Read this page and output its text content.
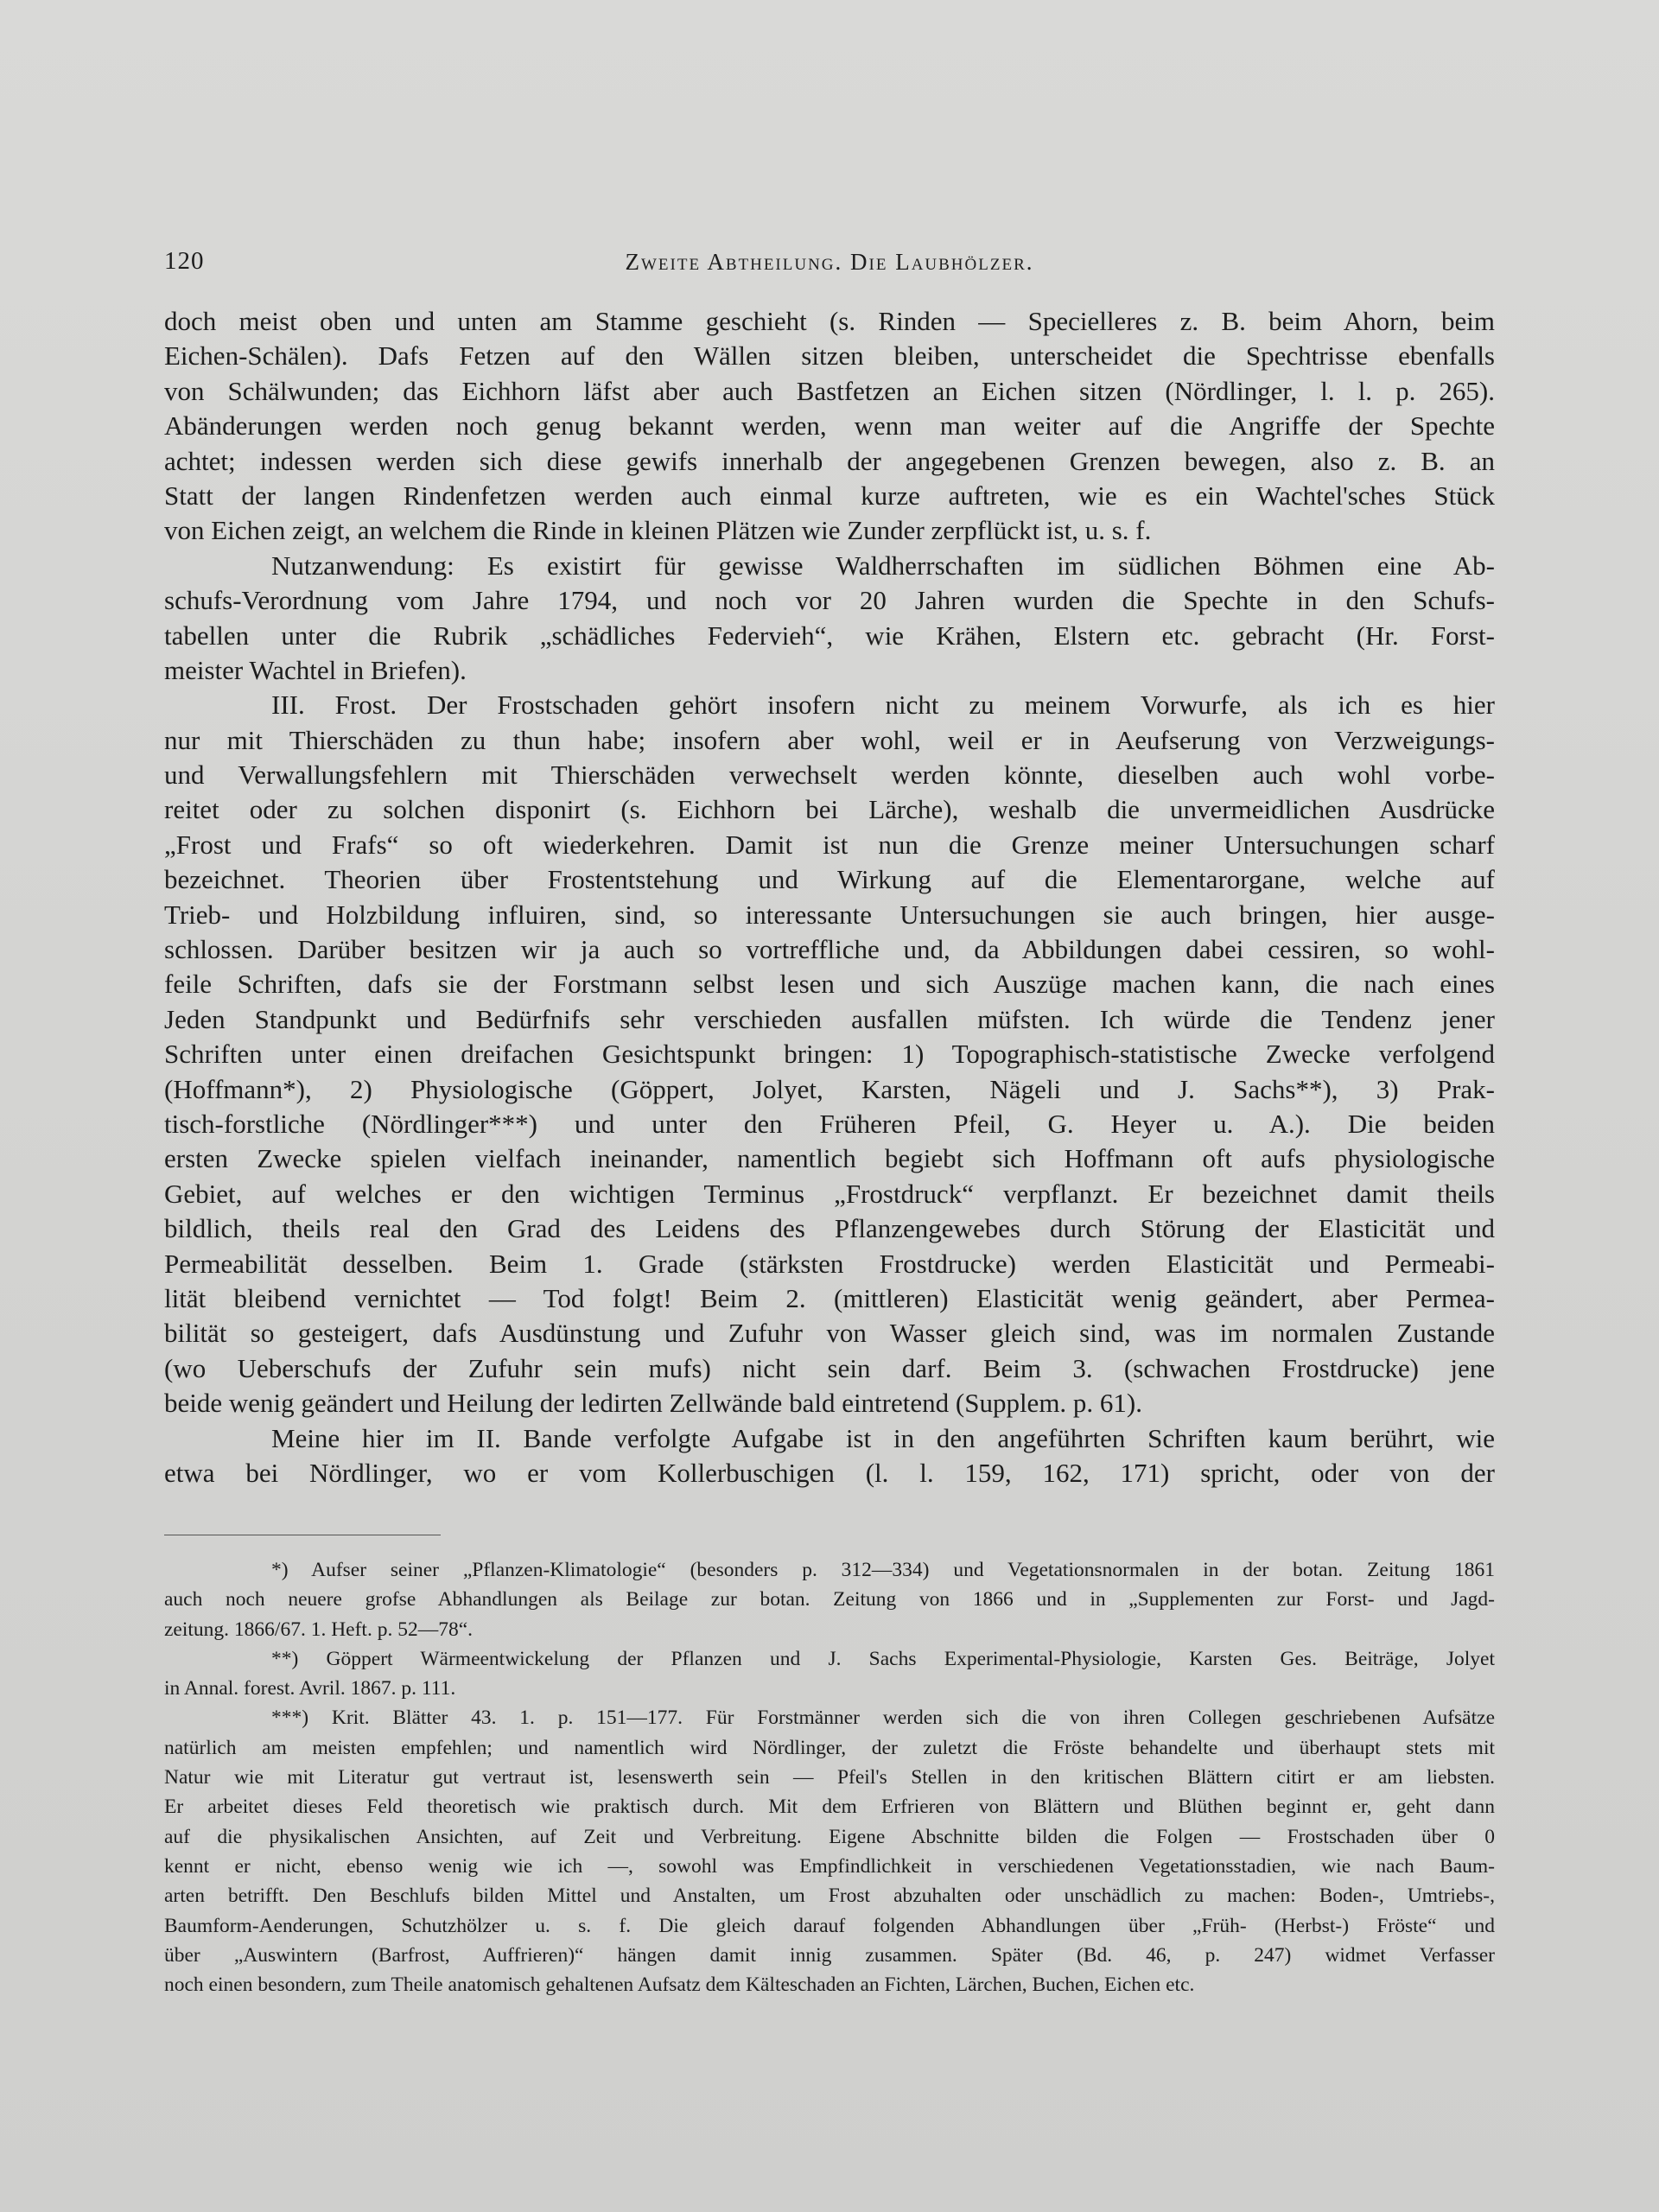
120	Zweite Abtheilung. Die Laubhölzer.
doch meist oben und unten am Stamme geschieht (s. Rinden — Specielleres z. B. beim Ahorn, beim
Eichen-Schälen). Dafs Fetzen auf den Wällen sitzen bleiben, unterscheidet die Spechtrisse ebenfalls
von Schälwunden; das Eichhorn läfst aber auch Bastfetzen an Eichen sitzen (Nördlinger, l. l. p. 265).
Abänderungen werden noch genug bekannt werden, wenn man weiter auf die Angriffe der Spechte
achtet; indessen werden sich diese gewifs innerhalb der angegebenen Grenzen bewegen, also z. B. an
Statt der langen Rindenfetzen werden auch einmal kurze auftreten, wie es ein Wachtel'sches Stück
von Eichen zeigt, an welchem die Rinde in kleinen Plätzen wie Zunder zerpflückt ist, u. s. f.
Nutzanwendung: Es existirt für gewisse Waldherrschaften im südlichen Böhmen eine Ab-
schufs-Verordnung vom Jahre 1794, und noch vor 20 Jahren wurden die Spechte in den Schufs-
tabellen unter die Rubrik „schädliches Federvieh“, wie Krähen, Elstern etc. gebracht (Hr. Forst-
meister Wachtel in Briefen).
III. Frost. Der Frostschaden gehört insofern nicht zu meinem Vorwurfe, als ich es hier
nur mit Thierschäden zu thun habe; insofern aber wohl, weil er in Aeufserung von Verzweigungs-
und Verwallungsfehlern mit Thierschäden verwechselt werden könnte, dieselben auch wohl vorbe-
reitet oder zu solchen disponirt (s. Eichhorn bei Lärche), weshalb die unvermeidlichen Ausdrücke
„Frost und Frafs“ so oft wiederkehren. Damit ist nun die Grenze meiner Untersuchungen scharf
bezeichnet. Theorien über Frostentstehung und Wirkung auf die Elementarorgane, welche auf
Trieb- und Holzbildung influiren, sind, so interessante Untersuchungen sie auch bringen, hier ausge-
schlossen. Darüber besitzen wir ja auch so vortreffliche und, da Abbildungen dabei cessiren, so wohl-
feile Schriften, dafs sie der Forstmann selbst lesen und sich Auszüge machen kann, die nach eines
Jeden Standpunkt und Bedürfnifs sehr verschieden ausfallen müfsten. Ich würde die Tendenz jener
Schriften unter einen dreifachen Gesichtspunkt bringen: 1) Topographisch-statistische Zwecke verfolgend
(Hoffmann*), 2) Physiologische (Göppert, Jolyet, Karsten, Nägeli und J. Sachs**), 3) Prak-
tisch-forstliche (Nördlinger***) und unter den Früheren Pfeil, G. Heyer u. A.). Die beiden
ersten Zwecke spielen vielfach ineinander, namentlich begiebt sich Hoffmann oft aufs physiologische
Gebiet, auf welches er den wichtigen Terminus „Frostdruck“ verpflanzt. Er bezeichnet damit theils
bildlich, theils real den Grad des Leidens des Pflanzengewebes durch Störung der Elasticität und
Permeabilität desselben. Beim 1. Grade (stärksten Frostdrucke) werden Elasticität und Permeabi-
lität bleibend vernichtet — Tod folgt! Beim 2. (mittleren) Elasticität wenig geändert, aber Permea-
bilität so gesteigert, dafs Ausdünstung und Zufuhr von Wasser gleich sind, was im normalen Zustande
(wo Ueberschufs der Zufuhr sein mufs) nicht sein darf. Beim 3. (schwachen Frostdrucke) jene
beide wenig geändert und Heilung der ledirten Zellwände bald eintretend (Supplem. p. 61).
Meine hier im II. Bande verfolgte Aufgabe ist in den angeführten Schriften kaum berührt, wie
etwa bei Nördlinger, wo er vom Kollerbuschigen (l. l. 159, 162, 171) spricht, oder von der
*) Aufser seiner „Pflanzen-Klimatologie“ (besonders p. 312—334) und Vegetationsnormalen in der botan. Zeitung 1861
auch noch neuere grofse Abhandlungen als Beilage zur botan. Zeitung von 1866 und in „Supplementen zur Forst- und Jagd-
zeitung. 1866/67. 1. Heft. p. 52—78“.
**) Göppert Wärmeentwickelung der Pflanzen und J. Sachs Experimental-Physiologie, Karsten Ges. Beiträge, Jolyet
in Annal. forest. Avril. 1867. p. 111.
***) Krit. Blätter 43. 1. p. 151—177. Für Forstmänner werden sich die von ihren Collegen geschriebenen Aufsätze
natürlich am meisten empfehlen; und namentlich wird Nördlinger, der zuletzt die Fröste behandelte und überhaupt stets mit
Natur wie mit Literatur gut vertraut ist, lesenswerth sein — Pfeil's Stellen in den kritischen Blättern citirt er am liebsten.
Er arbeitet dieses Feld theoretisch wie praktisch durch. Mit dem Erfrieren von Blättern und Blüthen beginnt er, geht dann
auf die physikalischen Ansichten, auf Zeit und Verbreitung. Eigene Abschnitte bilden die Folgen — Frostschaden über 0
kennt er nicht, ebenso wenig wie ich —, sowohl was Empfindlichkeit in verschiedenen Vegetationsstadien, wie nach Baum-
arten betrifft. Den Beschlufs bilden Mittel und Anstalten, um Frost abzuhalten oder unschädlich zu machen: Boden-, Umtriebs-,
Baumform-Aenderungen, Schutzhölzer u. s. f. Die gleich darauf folgenden Abhandlungen über „Früh- (Herbst-) Fröste“ und
über „Auswintern (Barfrost, Auffrieren)“ hängen damit innig zusammen. Später (Bd. 46, p. 247) widmet Verfasser
noch einen besondern, zum Theile anatomisch gehaltenen Aufsatz dem Kälteschaden an Fichten, Lärchen, Buchen, Eichen etc.
